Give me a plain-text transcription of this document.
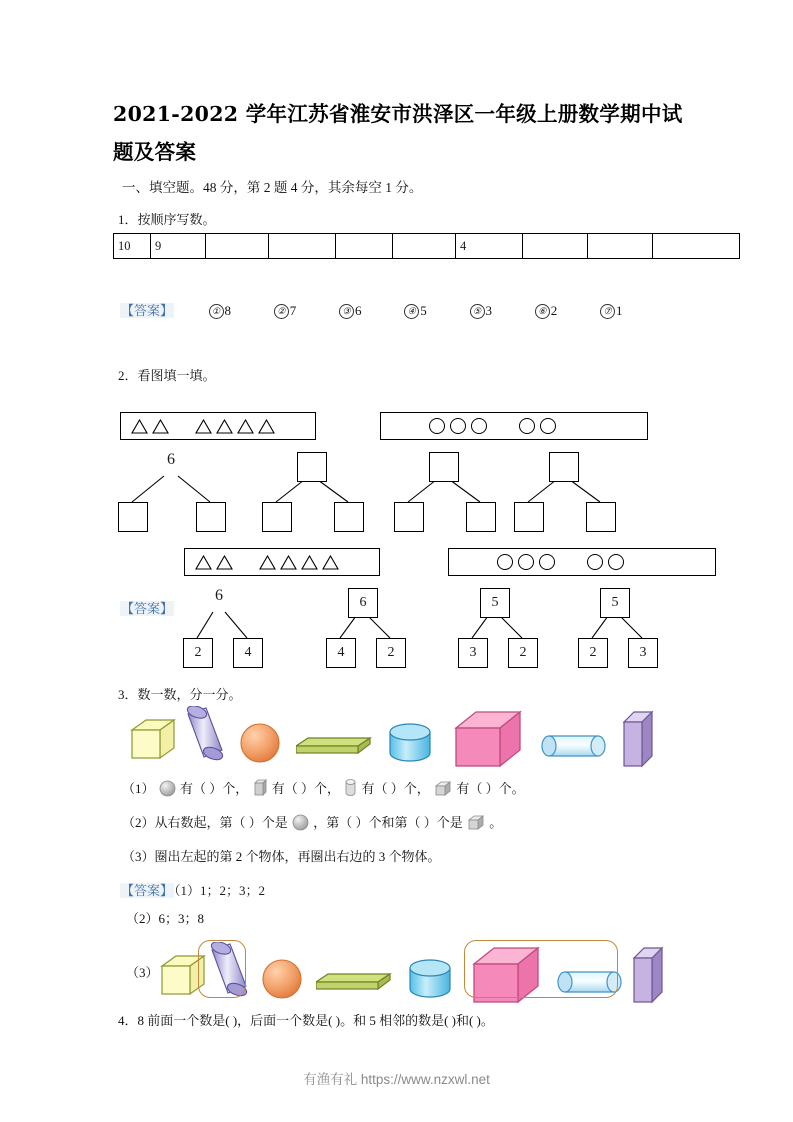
2021-2022 学年江苏省淮安市洪泽区一年级上册数学期中试题及答案
一、填空题。48 分，第 2 题 4 分，其余每空 1 分。
1．按顺序写数。
10	9					4			
【答案】	① 8	② 7	③ 6	④ 5	⑤ 3	⑥ 2	⑦ 1
2．看图填一填。
6
【答案】
6
2	4
6
4	2
5
3	2
5
2	3
3．数一数，分一分。
（1） 有（ ）个， 有（ ）个， 有（ ）个， 有（ ）个。
（2）从右数起，第（ ）个是 ，第（ ）个和第（ ）个是 。
（3）圈出左起的第 2 个物体，再圈出右边的 3 个物体。
【答案】（1）1；2；3；2
（2）6；3；8
（3）
4．8 前面一个数是( )，后面一个数是( )。和 5 相邻的数是( )和( )。
有渔有礼 https://www.nzxwl.net
